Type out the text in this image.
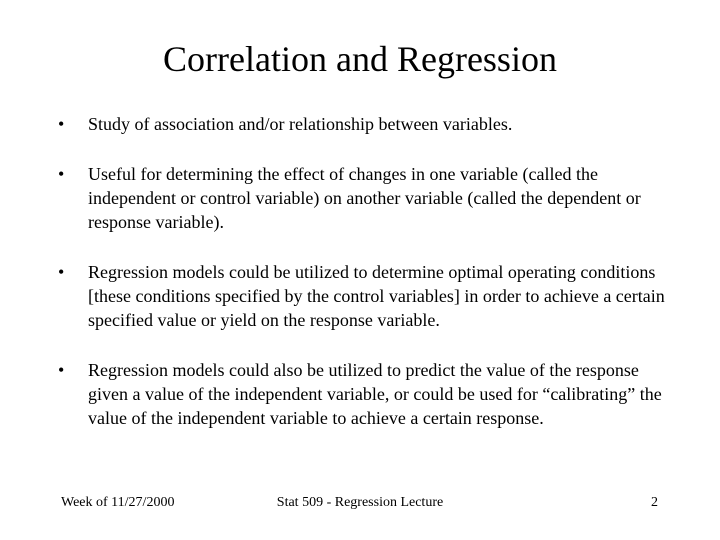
Correlation and Regression
•	Study of association and/or relationship between variables.
•	Useful for determining the effect of changes in one variable (called the independent or control variable) on another variable (called the dependent or response variable).
•	Regression models could be utilized to determine optimal operating conditions [these conditions specified by the control variables] in order to achieve a certain specified value or yield on the response variable.
•	Regression models could also be utilized to predict the value of the response given a value of the independent variable, or could be used for “calibrating” the value of the independent variable to achieve a certain response.
Week of 11/27/2000	Stat 509 - Regression Lecture	2
